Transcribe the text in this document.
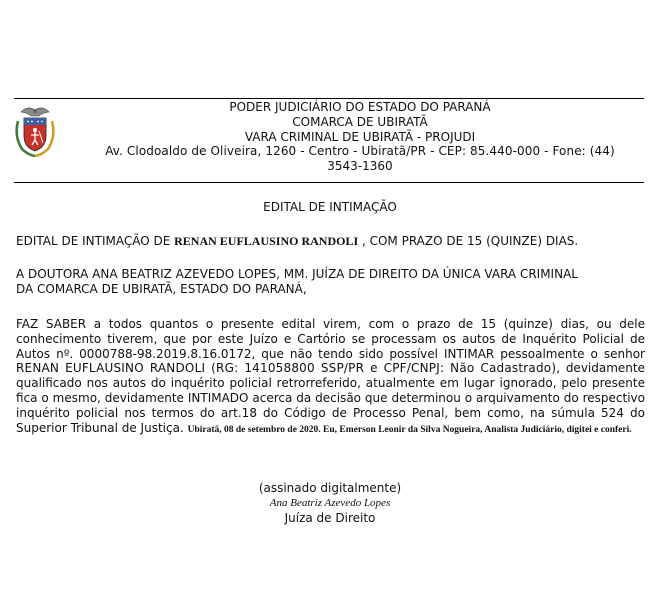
PODER JUDICIÁRIO DO ESTADO DO PARANÁ
COMARCA DE UBIRATÃ
VARA CRIMINAL DE UBIRATÃ - PROJUDI
Av. Clodoaldo de Oliveira, 1260 - Centro - Ubiratã/PR - CEP: 85.440-000 - Fone: (44)
3543-1360
EDITAL DE INTIMAÇÃO
EDITAL DE INTIMAÇÃO DE RENAN EUFLAUSINO RANDOLI , COM PRAZO DE 15 (QUINZE) DIAS.
A DOUTORA ANA BEATRIZ AZEVEDO LOPES, MM. JUÍZA DE DIREITO DA ÚNICA VARA CRIMINAL
DA COMARCA DE UBIRATÃ, ESTADO DO PARANÁ,
FAZ SABER a todos quantos o presente edital virem, com o prazo de 15 (quinze) dias, ou dele conhecimento tiverem, que por este Juízo e Cartório se processam os autos de Inquérito Policial de Autos nº. 0000788-98.2019.8.16.0172, que não tendo sido possível INTIMAR pessoalmente o senhor RENAN EUFLAUSINO RANDOLI (RG: 141058800 SSP/PR e CPF/CNPJ: Não Cadastrado), devidamente qualificado nos autos do inquérito policial retrorreferido, atualmente em lugar ignorado, pelo presente fica o mesmo, devidamente INTIMADO acerca da decisão que determinou o arquivamento do respectivo inquérito policial nos termos do art.18 do Código de Processo Penal, bem como, na súmula 524 do Superior Tribunal de Justiça. Ubiratã, 08 de setembro de 2020. Eu, Emerson Leonir da Silva Nogueira, Analista Judiciário, digitei e conferi.
(assinado digitalmente)
Ana Beatriz Azevedo Lopes
Juíza de Direito
